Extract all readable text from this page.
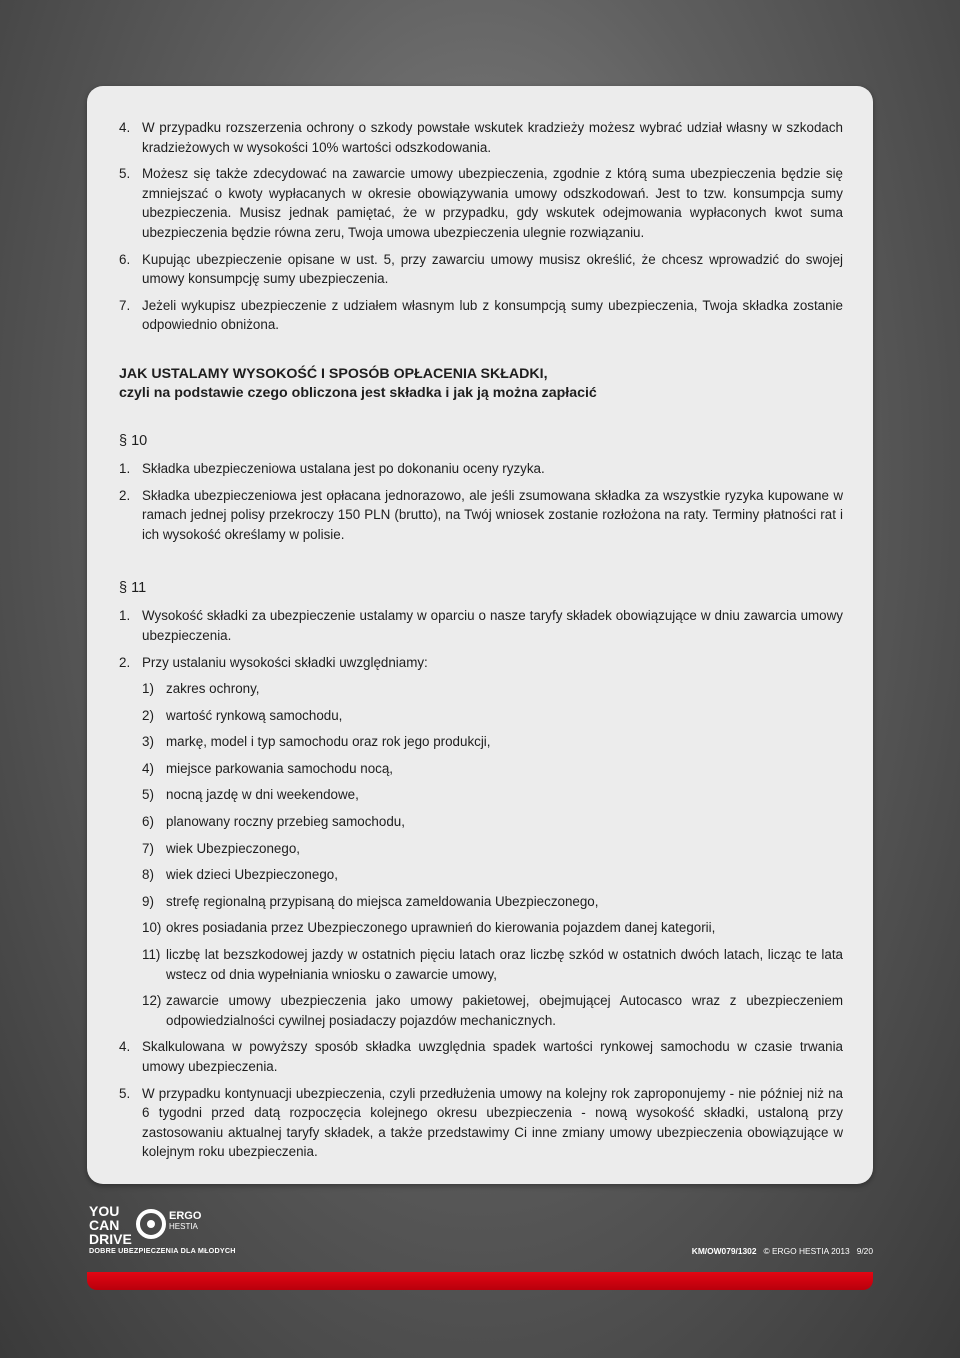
4. W przypadku rozszerzenia ochrony o szkody powstałe wskutek kradzieży możesz wybrać udział własny w szkodach kradzieżowych w wysokości 10% wartości odszkodowania.
5. Możesz się także zdecydować na zawarcie umowy ubezpieczenia, zgodnie z którą suma ubezpieczenia będzie się zmniejszać o kwoty wypłacanych w okresie obowiązywania umowy odszkodowań. Jest to tzw. konsumpcja sumy ubezpieczenia. Musisz jednak pamiętać, że w przypadku, gdy wskutek odejmowania wypłaconych kwot suma ubezpieczenia będzie równa zeru, Twoja umowa ubezpieczenia ulegnie rozwiązaniu.
6. Kupując ubezpieczenie opisane w ust. 5, przy zawarciu umowy musisz określić, że chcesz wprowadzić do swojej umowy konsumpcję sumy ubezpieczenia.
7. Jeżeli wykupisz ubezpieczenie z udziałem własnym lub z konsumpcją sumy ubezpieczenia, Twoja składka zostanie odpowiednio obniżona.
JAK USTALAMY WYSOKOŚĆ I SPOSÓB OPŁACENIA SKŁADKI,
czyli na podstawie czego obliczona jest składka i jak ją można zapłacić
§ 10
1. Składka ubezpieczeniowa ustalana jest po dokonaniu oceny ryzyka.
2. Składka ubezpieczeniowa jest opłacana jednorazowo, ale jeśli zsumowana składka za wszystkie ryzyka kupowane w ramach jednej polisy przekroczy 150 PLN (brutto), na Twój wniosek zostanie rozłożona na raty. Terminy płatności rat i ich wysokość określamy w polisie.
§ 11
1. Wysokość składki za ubezpieczenie ustalamy w oparciu o nasze taryfy składek obowiązujące w dniu zawarcia umowy ubezpieczenia.
2. Przy ustalaniu wysokości składki uwzględniamy:
1) zakres ochrony,
2) wartość rynkową samochodu,
3) markę, model i typ samochodu oraz rok jego produkcji,
4) miejsce parkowania samochodu nocą,
5) nocną jazdę w dni weekendowe,
6) planowany roczny przebieg samochodu,
7) wiek Ubezpieczonego,
8) wiek dzieci Ubezpieczonego,
9) strefę regionalną przypisaną do miejsca zameldowania Ubezpieczonego,
10) okres posiadania przez Ubezpieczonego uprawnień do kierowania pojazdem danej kategorii,
11) liczbę lat bezszkodowej jazdy w ostatnich pięciu latach oraz liczbę szkód w ostatnich dwóch latach, licząc te lata wstecz od dnia wypełniania wniosku o zawarcie umowy,
12) zawarcie umowy ubezpieczenia jako umowy pakietowej, obejmującej Autocasco wraz z ubezpieczeniem odpowiedzialności cywilnej posiadaczy pojazdów mechanicznych.
4. Skalkulowana w powyższy sposób składka uwzględnia spadek wartości rynkowej samochodu w czasie trwania umowy ubezpieczenia.
5. W przypadku kontynuacji ubezpieczenia, czyli przedłużenia umowy na kolejny rok zaproponujemy - nie później niż na 6 tygodni przed datą rozpoczęcia kolejnego okresu ubezpieczenia - nową wysokość składki, ustaloną przy zastosowaniu aktualnej taryfy składek, a także przedstawimy Ci inne zmiany umowy ubezpieczenia obowiązujące w kolejnym roku ubezpieczenia.
YOU
CAN
DRIVE
ERGO
HESTIA
DOBRE UBEZPIECZENIA DLA MŁODYCH	KM/OW079/1302 © ERGO HESTIA 2013 9/20
